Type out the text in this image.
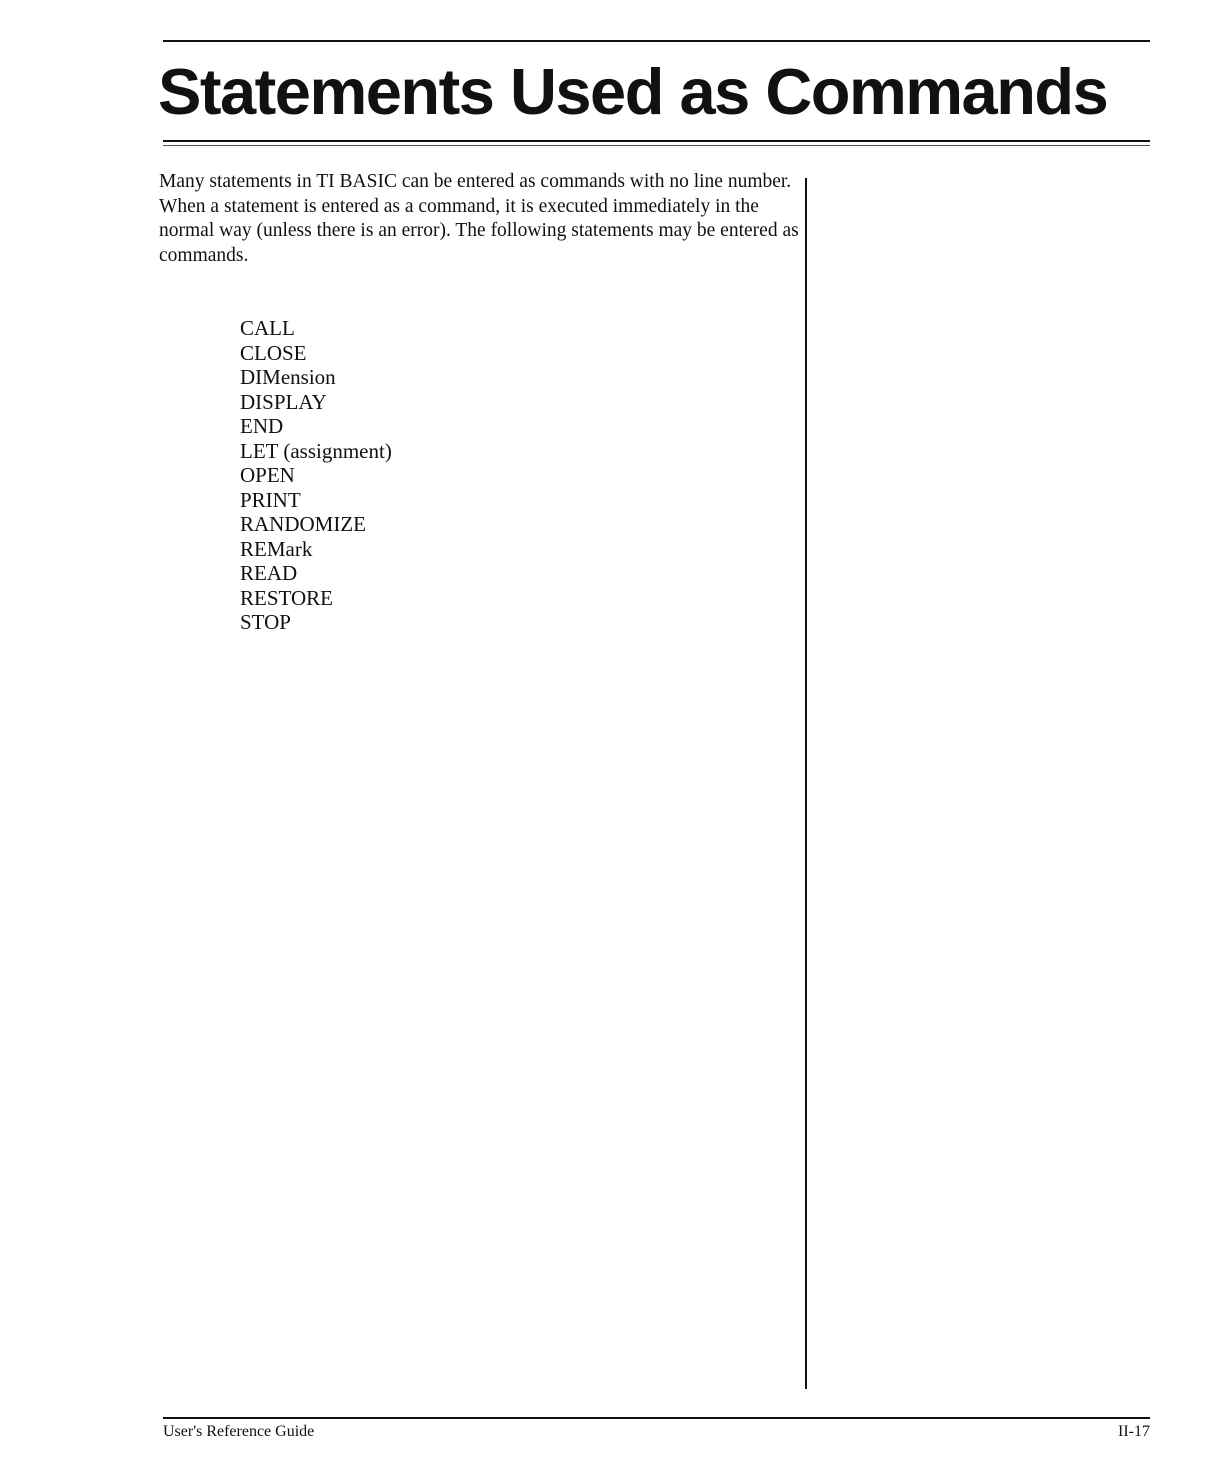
Statements Used as Commands

Many statements in TI BASIC can be entered as commands with no line number. When a statement is entered as a command, it is executed immediately in the normal way (unless there is an error). The following statements may be entered as commands.

CALL
CLOSE
DIMension
DISPLAY
END
LET (assignment)
OPEN
PRINT
RANDOMIZE
REMark
READ
RESTORE
STOP
User's Reference Guide	II-17
